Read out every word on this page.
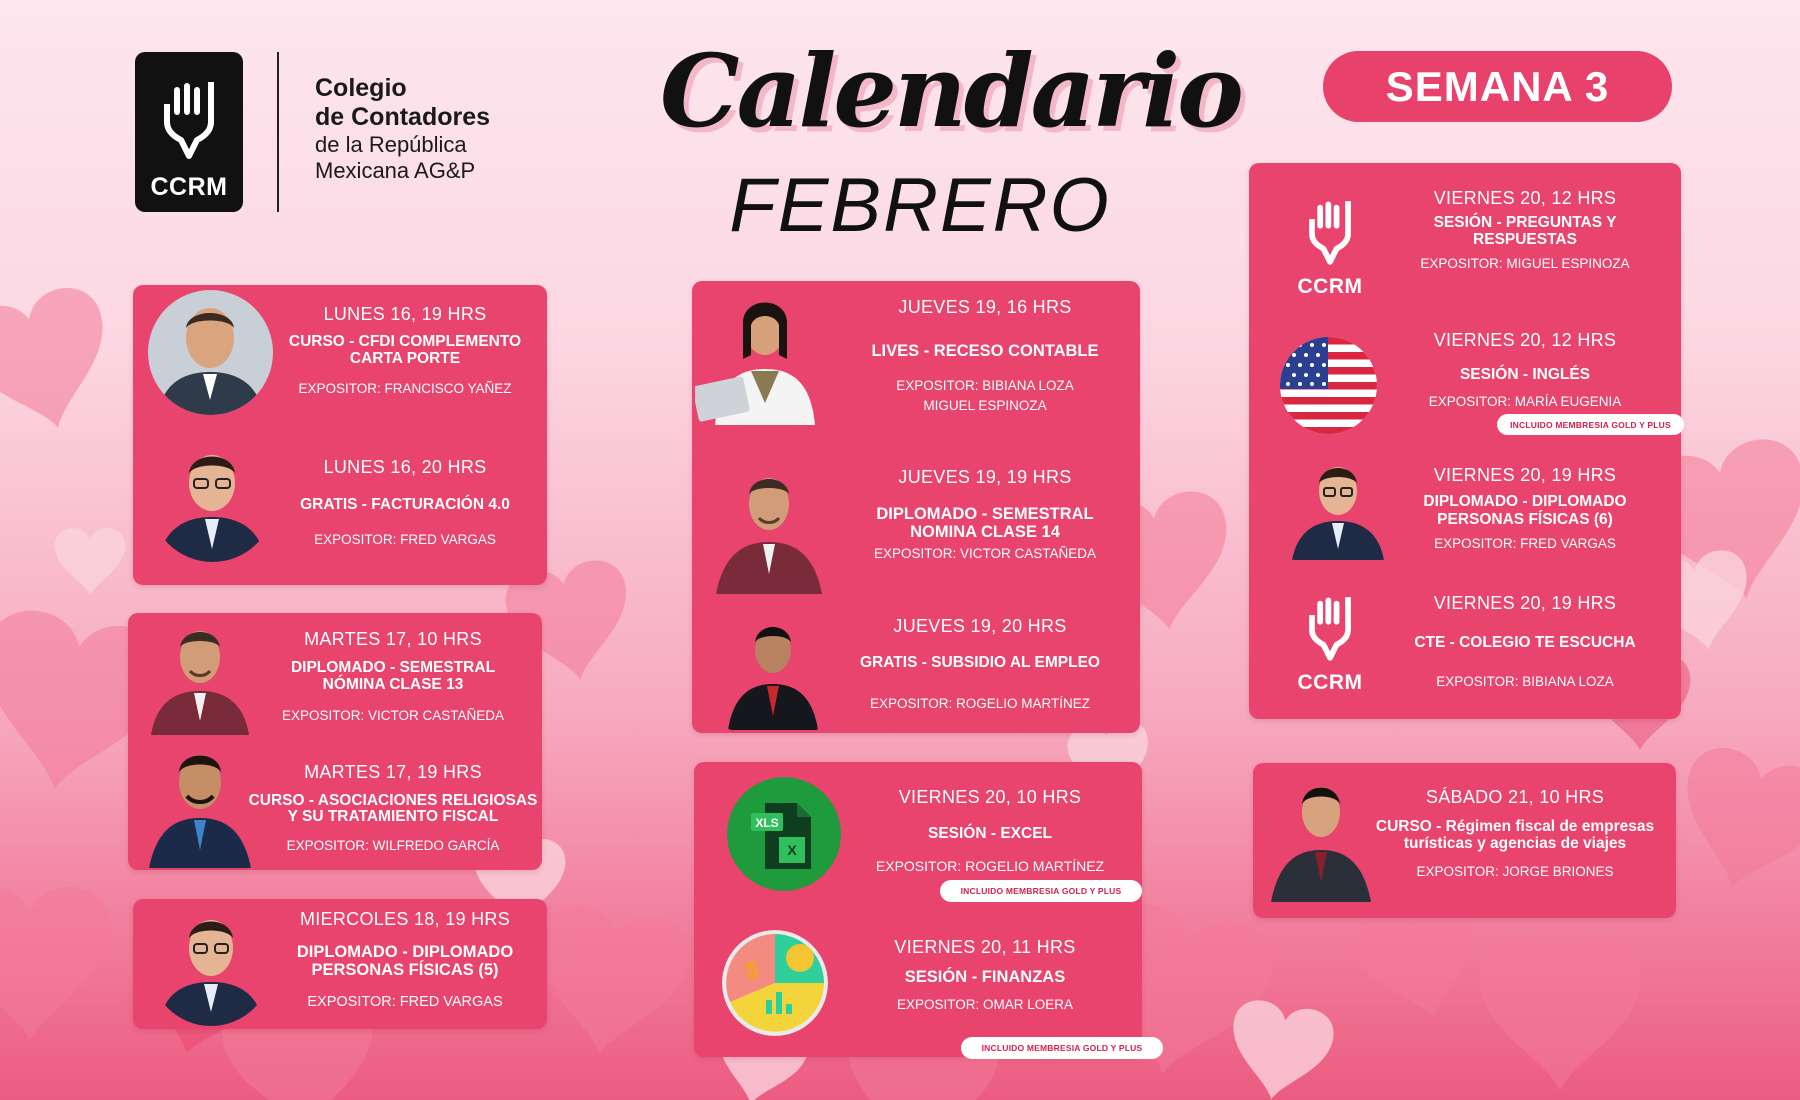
CCRM
Colegio
de Contadores
de la República
Mexicana AG&P
Calendario
FEBRERO
SEMANA 3
LUNES 16, 19 HRS
CURSO - CFDI COMPLEMENTO
CARTA PORTE
EXPOSITOR: FRANCISCO YAÑEZ
LUNES 16, 20 HRS
GRATIS - FACTURACIÓN 4.0
EXPOSITOR: FRED VARGAS
MARTES 17, 10 HRS
DIPLOMADO - SEMESTRAL
NÓMINA CLASE 13
EXPOSITOR: VICTOR CASTAÑEDA
MARTES 17, 19 HRS
CURSO - ASOCIACIONES RELIGIOSAS
Y SU TRATAMIENTO FISCAL
EXPOSITOR: WILFREDO GARCÍA
MIERCOLES 18, 19 HRS
DIPLOMADO - DIPLOMADO
PERSONAS FÍSICAS (5)
EXPOSITOR: FRED VARGAS
JUEVES 19, 16 HRS
LIVES - RECESO CONTABLE
EXPOSITOR: BIBIANA LOZA
MIGUEL ESPINOZA
JUEVES 19, 19 HRS
DIPLOMADO - SEMESTRAL
NOMINA CLASE 14
EXPOSITOR: VICTOR CASTAÑEDA
JUEVES 19, 20 HRS
GRATIS - SUBSIDIO AL EMPLEO
EXPOSITOR: ROGELIO MARTÍNEZ
XLS
X
$
VIERNES 20, 10 HRS
SESIÓN - EXCEL
EXPOSITOR: ROGELIO MARTÍNEZ
INCLUIDO MEMBRESIA GOLD Y PLUS
VIERNES 20, 11 HRS
SESIÓN - FINANZAS
EXPOSITOR: OMAR LOERA
INCLUIDO MEMBRESIA GOLD Y PLUS
CCRM
CCRM
VIERNES 20, 12 HRS
SESIÓN - PREGUNTAS Y
RESPUESTAS
EXPOSITOR: MIGUEL ESPINOZA
VIERNES 20, 12 HRS
SESIÓN - INGLÉS
EXPOSITOR: MARÍA EUGENIA
INCLUIDO MEMBRESIA GOLD Y PLUS
VIERNES 20, 19 HRS
DIPLOMADO - DIPLOMADO
PERSONAS FÍSICAS (6)
EXPOSITOR: FRED VARGAS
VIERNES 20, 19 HRS
CTE - COLEGIO TE ESCUCHA
EXPOSITOR: BIBIANA LOZA
SÁBADO 21, 10 HRS
CURSO - Régimen fiscal de empresas
turísticas y agencias de viajes
EXPOSITOR: JORGE BRIONES
